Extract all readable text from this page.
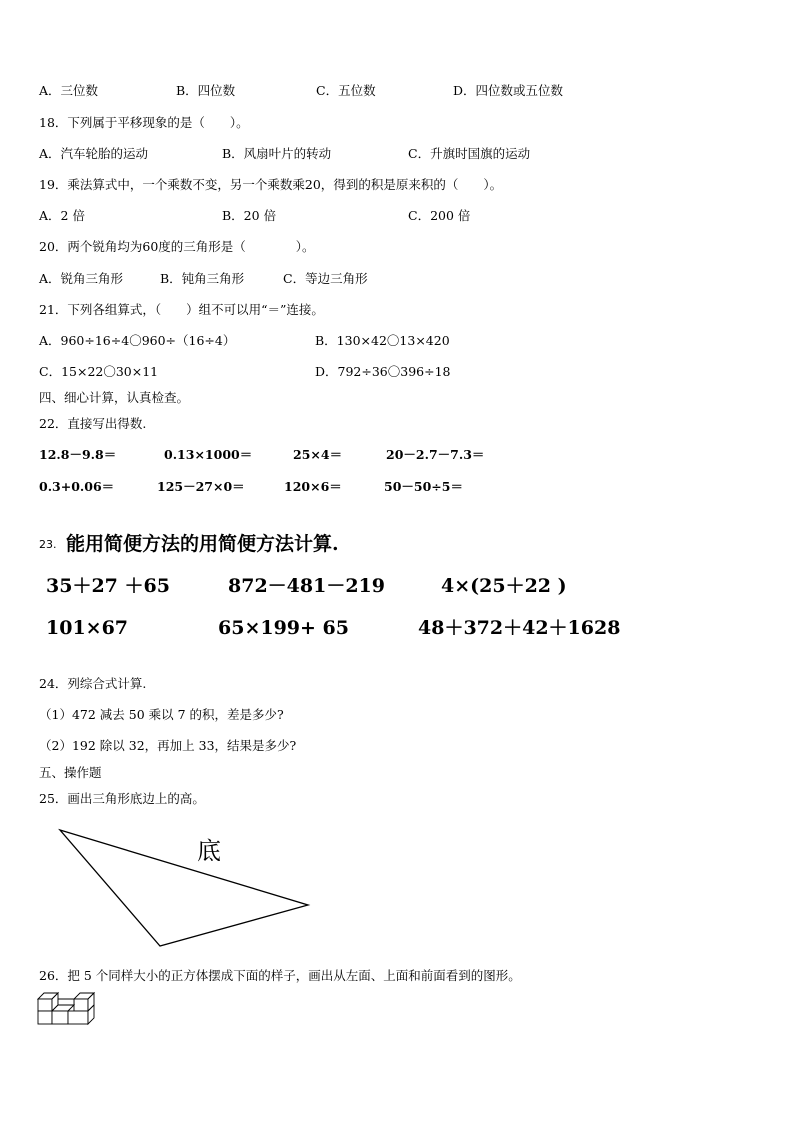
A．三位数	B．四位数	C．五位数	D．四位数或五位数
18．下列属于平移现象的是（　　）。
A．汽车轮胎的运动	B．风扇叶片的转动	C．升旗时国旗的运动
19．乘法算式中，一个乘数不变，另一个乘数乘20，得到的积是原来积的（　　）。
A．2 倍	B．20 倍	C．200 倍
20．两个锐角均为60度的三角形是（　　　　）。
A．锐角三角形	B．钝角三角形	C．等边三角形
21．下列各组算式，（　　）组不可以用“＝”连接。
A．960÷16÷4〇960÷（16÷4）	B．130×42〇13×420
C．15×22〇30×11	D．792÷36〇396÷18
四、细心计算，认真检查。
22．直接写出得数.
12.8－9.8＝	0.13×1000＝	25×4＝	20－2.7－7.3＝
0.3+0.06＝	125－27×0＝	120×6＝	50－50÷5＝
23. 能用简便方法的用简便方法计算.
35＋27 ＋65	872－481－219	4×(25＋22 )
101×67	65×199+ 65	48＋372＋42＋1628
24．列综合式计算.
（1）472 减去 50 乘以 7 的积，差是多少?
（2）192 除以 32，再加上 33，结果是多少?
五、操作题
25．画出三角形底边上的高。
底
26．把 5 个同样大小的正方体摆成下面的样子，画出从左面、上面和前面看到的图形。
